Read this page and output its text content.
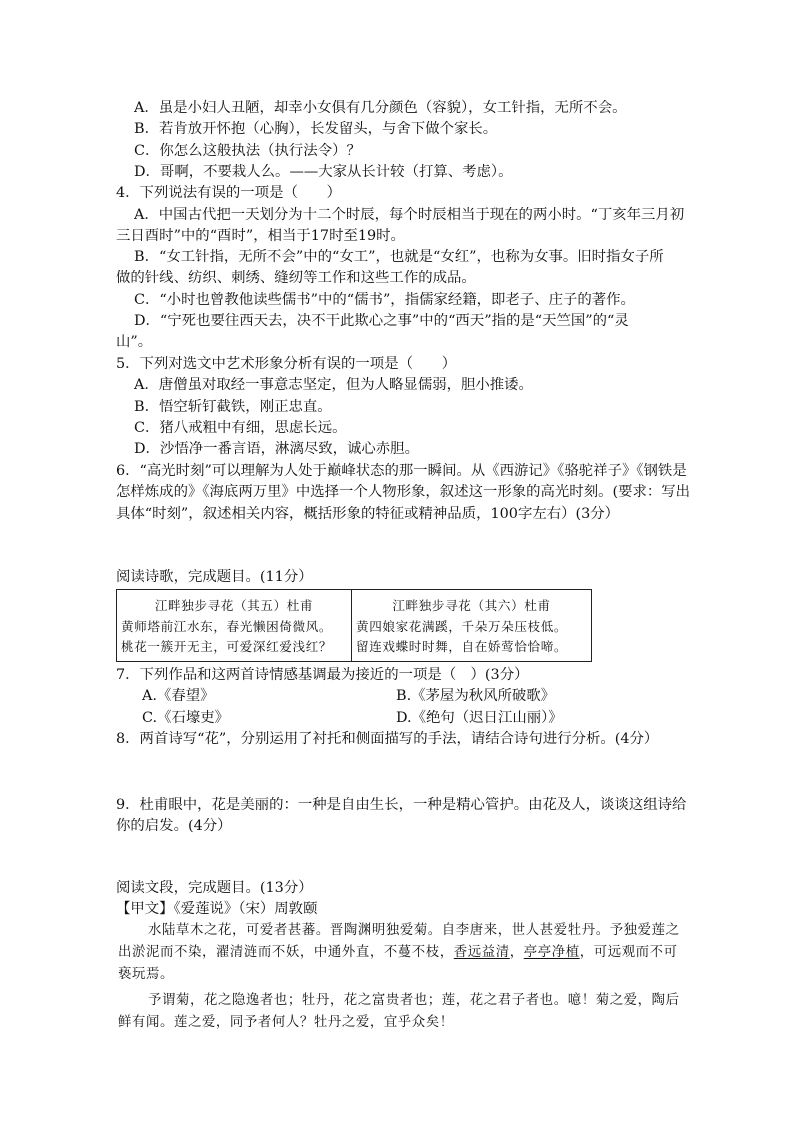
A．虽是小妇人丑陋，却幸小女俱有几分颜色（容貌），女工针指，无所不会。
B．若肯放开怀抱（心胸），长发留头，与舍下做个家长。
C．你怎么这般执法（执行法令）？
D．哥啊，不要栽人么。——大家从长计较（打算、考虑）。
4．下列说法有误的一项是（　　）
A．中国古代把一天划分为十二个时辰，每个时辰相当于现在的两小时。“丁亥年三月初
三日酉时”中的“酉时”，相当于17时至19时。
B．“女工针指，无所不会”中的“女工”，也就是“女红”，也称为女事。旧时指女子所
做的针线、纺织、刺绣、缝纫等工作和这些工作的成品。
C．“小时也曾教他读些儒书”中的“儒书”，指儒家经籍，即老子、庄子的著作。
D．“宁死也要往西天去，决不干此欺心之事”中的“西天”指的是“天竺国”的“灵
山”。
5．下列对选文中艺术形象分析有误的一项是（　　）
A．唐僧虽对取经一事意志坚定，但为人略显儒弱，胆小推诿。
B．悟空斩钉截铁，刚正忠直。
C．猪八戒粗中有细，思虑长远。
D．沙悟净一番言语，淋漓尽致，诚心赤胆。
6．“高光时刻”可以理解为人处于巅峰状态的那一瞬间。从《西游记》《骆驼祥子》《钢铁是
怎样炼成的》《海底两万里》中选择一个人物形象，叙述这一形象的高光时刻。(要求：写出
具体“时刻”，叙述相关内容，概括形象的特征或精神品质，100字左右）(3分）
阅读诗歌，完成题目。(11分）
江畔独步寻花（其五）杜甫
黄师塔前江水东，春光懒困倚微风。
桃花一簇开无主，可爱深红爱浅红？

江畔独步寻花（其六）杜甫
黄四娘家花满蹊，千朵万朵压枝低。
留连戏蝶时时舞，自在娇莺恰恰啼。
7．下列作品和这两首诗情感基调最为接近的一项是（　）(3分）
A.《春望》	B.《茅屋为秋风所破歌》
C.《石壕吏》	D.《绝句（迟日江山丽）》
8．两首诗写“花”，分别运用了衬托和侧面描写的手法，请结合诗句进行分析。(4分）
9．杜甫眼中，花是美丽的：一种是自由生长，一种是精心管护。由花及人，谈谈这组诗给
你的启发。(4分）
阅读文段，完成题目。(13分）
【甲文】《爱莲说》（宋）周敦颐
水陆草木之花，可爱者甚蕃。晋陶渊明独爱菊。自李唐来，世人甚爱牡丹。予独爱莲之
出淤泥而不染，濯清涟而不妖，中通外直，不蔓不枝，香远益清，亭亭净植，可远观而不可
亵玩焉。
予谓菊，花之隐逸者也；牡丹，花之富贵者也；莲，花之君子者也。噫！菊之爱，陶后
鲜有闻。莲之爱，同予者何人？牡丹之爱，宜乎众矣！
